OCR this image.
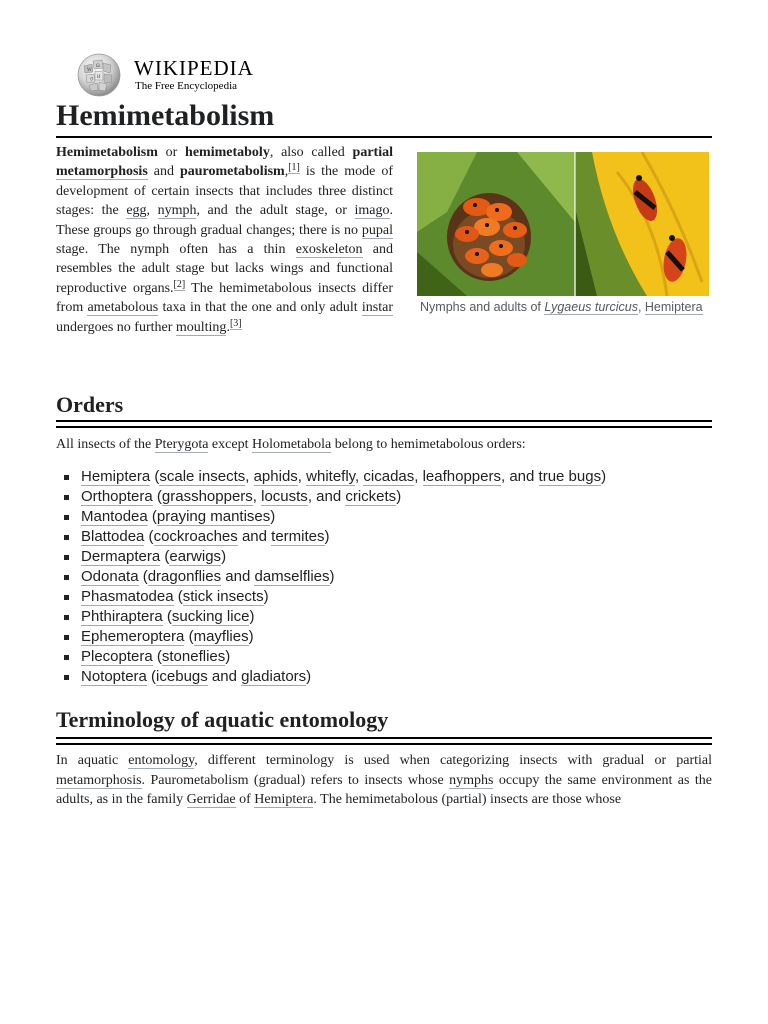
W
Ω
И
ウ
WIKIPEDIA
The Free Encyclopedia
Hemimetabolism

Hemimetabolism or hemimetaboly, also called partial metamorphosis and paurometabolism,[1] is the mode of development of certain insects that includes three distinct stages: the egg, nymph, and the adult stage, or imago. These groups go through gradual changes; there is no pupal stage. The nymph often has a thin exoskeleton and resembles the adult stage but lacks wings and functional reproductive organs.[2] The hemimetabolous insects differ from ametabolous taxa in that the one and only adult instar undergoes no further moulting.[3]

Nymphs and adults of Lygaeus turcicus, Hemiptera
Orders

All insects of the Pterygota except Holometabola belong to hemimetabolous orders:

Hemiptera (scale insects, aphids, whitefly, cicadas, leafhoppers, and true bugs)
Orthoptera (grasshoppers, locusts, and crickets)
Mantodea (praying mantises)
Blattodea (cockroaches and termites)
Dermaptera (earwigs)
Odonata (dragonflies and damselflies)
Phasmatodea (stick insects)
Phthiraptera (sucking lice)
Ephemeroptera (mayflies)
Plecoptera (stoneflies)
Notoptera (icebugs and gladiators)
Terminology of aquatic entomology

In aquatic entomology, different terminology is used when categorizing insects with gradual or partial metamorphosis. Paurometabolism (gradual) refers to insects whose nymphs occupy the same environment as the adults, as in the family Gerridae of Hemiptera. The hemimetabolous (partial) insects are those whose
